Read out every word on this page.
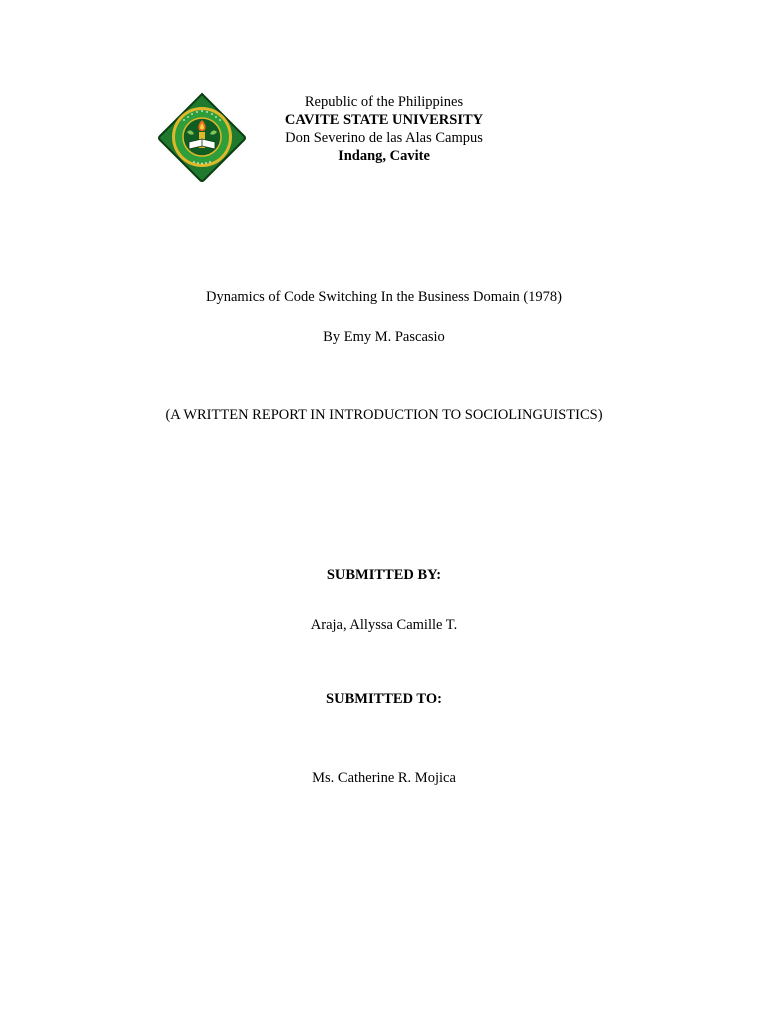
Republic of the Philippines
CAVITE STATE UNIVERSITY
Don Severino de las Alas Campus
Indang, Cavite
Dynamics of Code Switching In the Business Domain (1978)
By Emy M. Pascasio
(A WRITTEN REPORT IN INTRODUCTION TO SOCIOLINGUISTICS)
SUBMITTED BY:
Araja, Allyssa Camille T.
SUBMITTED TO:
Ms. Catherine R. Mojica
